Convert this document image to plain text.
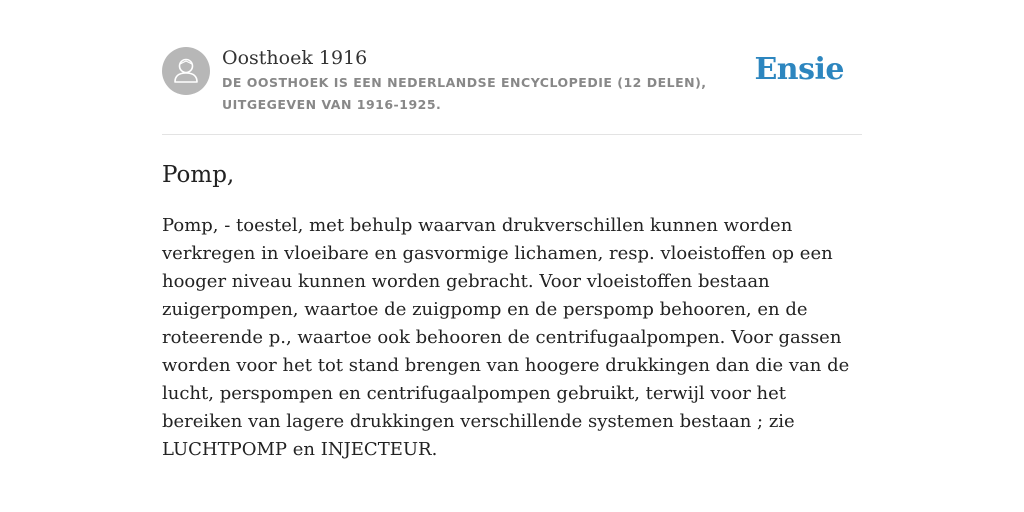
Oosthoek 1916

DE OOSTHOEK IS EEN NEDERLANDSE ENCYCLOPEDIE (12 DELEN), UITGEGEVEN VAN 1916-1925.

Ensie
Pomp,

Pomp, - toestel, met behulp waarvan drukverschillen kunnen worden verkregen in vloeibare en gasvormige lichamen, resp. vloeistoffen op een hooger niveau kunnen worden gebracht. Voor vloeistoffen bestaan zuigerpompen, waartoe de zuigpomp en de perspomp behooren, en de roteerende p., waartoe ook behooren de centrifugaalpompen. Voor gassen worden voor het tot stand brengen van hoogere drukkingen dan die van de lucht, perspompen en centrifugaalpompen gebruikt, terwijl voor het bereiken van lagere drukkingen verschillende systemen bestaan ; zie LUCHTPOMP en INJECTEUR.
